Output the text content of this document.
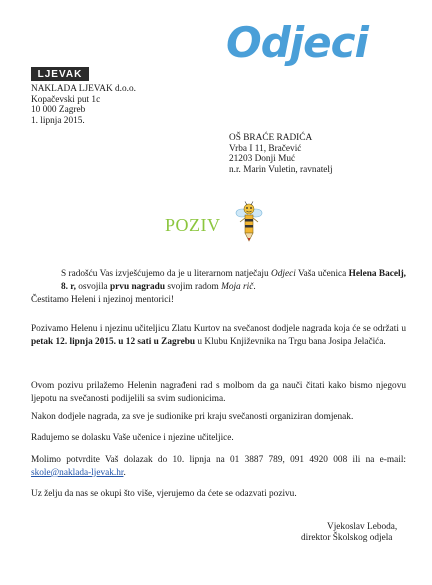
Odjeci
LJEVAK
NAKLADA LJEVAK d.o.o.
Kopačevski put 1c
10 000 Zagreb
1. lipnja 2015.
OŠ BRAĆE RADIĆA
Vrba I 11, Bračević
21203 Donji Muć
n.r. Marin Vuletin, ravnatelj
POZIV
S radošću Vas izvješćujemo da je u literarnom natječaju Odjeci Vaša učenica Helena Bacelj, 8. r, osvojila prvu nagradu svojim radom Moja rič.
Čestitamo Heleni i njezinoj mentorici!
Pozivamo Helenu i njezinu učiteljicu Zlatu Kurtov na svečanost dodjele nagrada koja će se održati u petak 12. lipnja 2015. u 12 sati u Zagrebu u Klubu Književnika na Trgu bana Josipa Jelačića.
Ovom pozivu prilažemo Helenin nagrađeni rad s molbom da ga nauči čitati kako bismo njegovu ljepotu na svečanosti podijelili sa svim sudionicima.
Nakon dodjele nagrada, za sve je sudionike pri kraju svečanosti organiziran domjenak.
Radujemo se dolasku Vaše učenice i njezine učiteljice.
Molimo potvrdite Vaš dolazak do 10. lipnja na 01 3887 789, 091 4920 008 ili na e-mail: skole@naklada-ljevak.hr.
Uz želju da nas se okupi što više, vjerujemo da ćete se odazvati pozivu.
Vjekoslav Leboda,
direktor Školskog odjela
